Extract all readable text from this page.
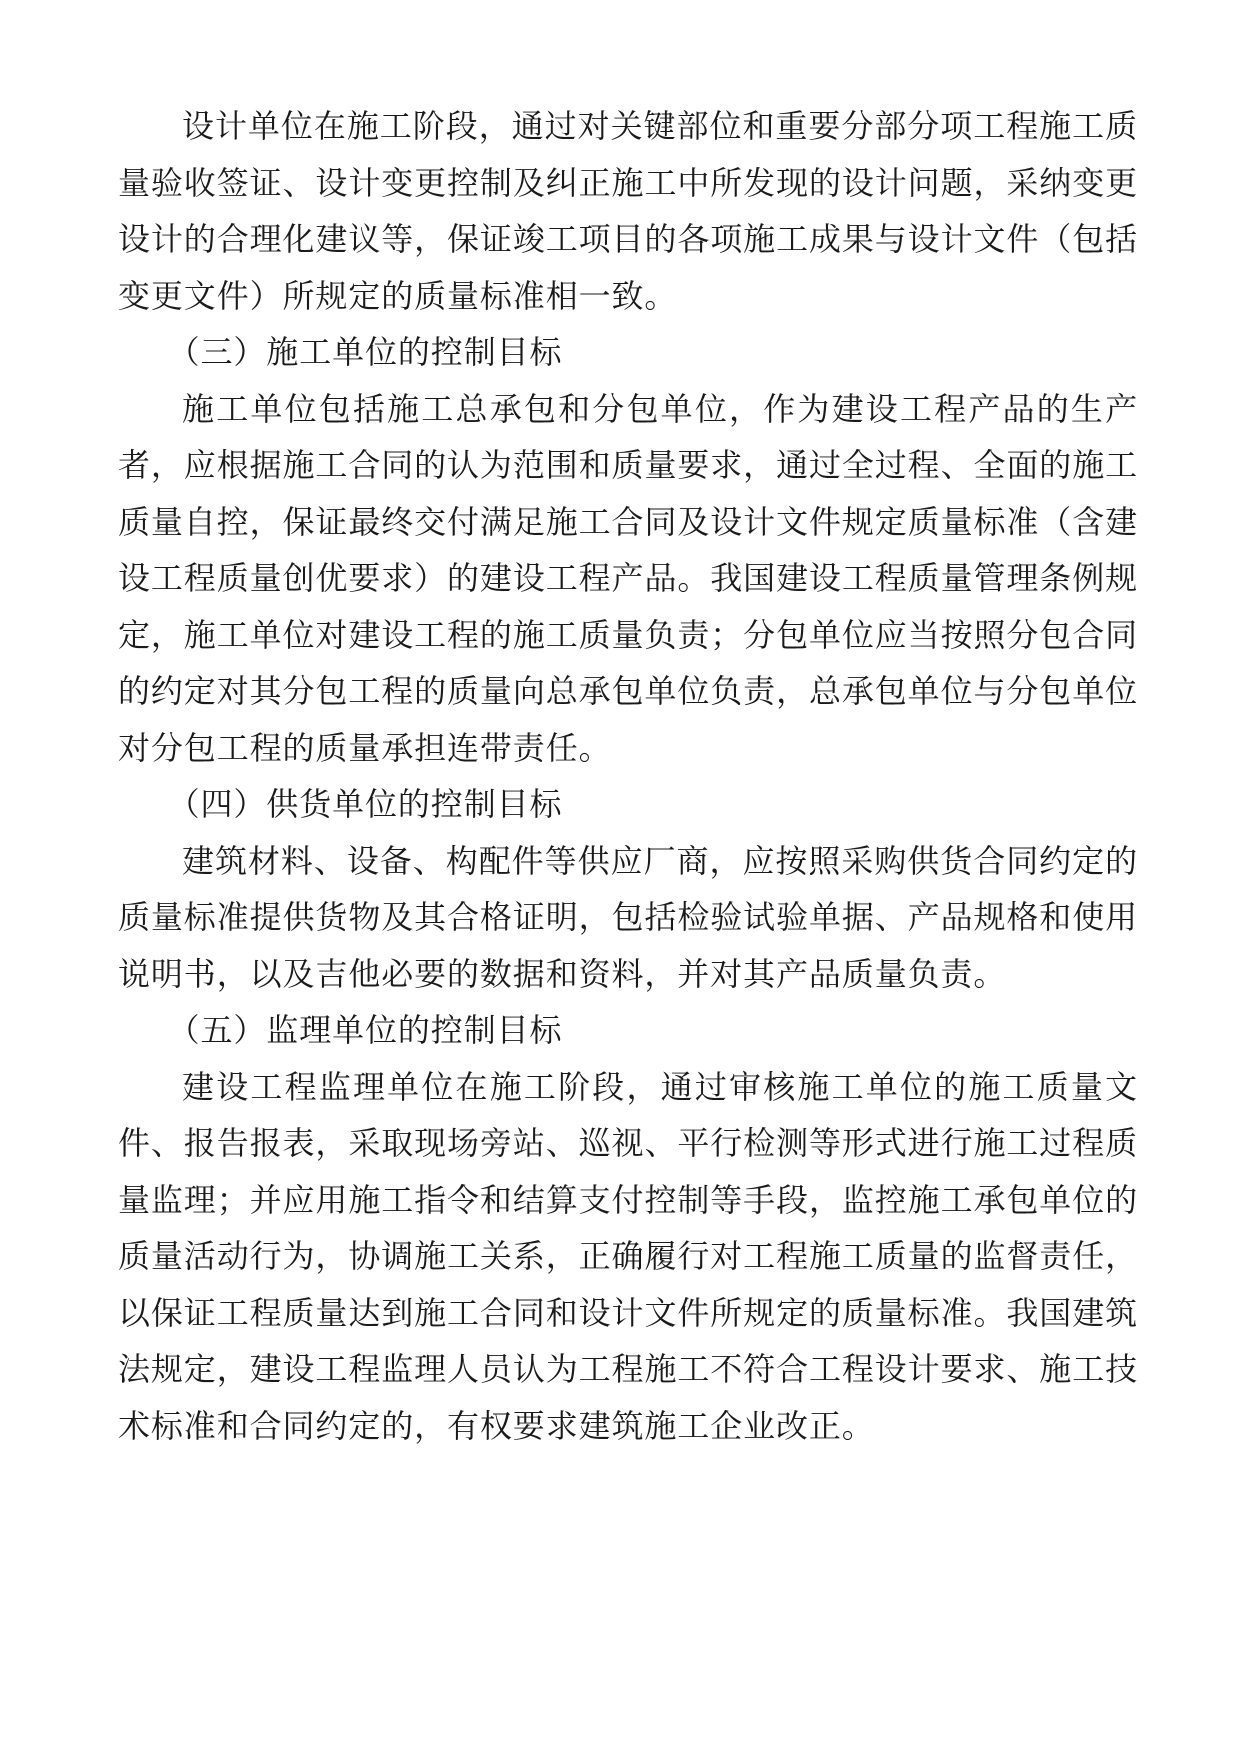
设计单位在施工阶段，通过对关键部位和重要分部分项工程施工质量验收签证、设计变更控制及纠正施工中所发现的设计问题，采纳变更设计的合理化建议等，保证竣工项目的各项施工成果与设计文件（包括变更文件）所规定的质量标准相一致。

（三）施工单位的控制目标

施工单位包括施工总承包和分包单位，作为建设工程产品的生产者，应根据施工合同的认为范围和质量要求，通过全过程、全面的施工质量自控，保证最终交付满足施工合同及设计文件规定质量标准（含建设工程质量创优要求）的建设工程产品。我国建设工程质量管理条例规定，施工单位对建设工程的施工质量负责；分包单位应当按照分包合同的约定对其分包工程的质量向总承包单位负责，总承包单位与分包单位对分包工程的质量承担连带责任。

（四）供货单位的控制目标

建筑材料、设备、构配件等供应厂商，应按照采购供货合同约定的质量标准提供货物及其合格证明，包括检验试验单据、产品规格和使用说明书，以及吉他必要的数据和资料，并对其产品质量负责。

（五）监理单位的控制目标

建设工程监理单位在施工阶段，通过审核施工单位的施工质量文件、报告报表，采取现场旁站、巡视、平行检测等形式进行施工过程质量监理；并应用施工指令和结算支付控制等手段，监控施工承包单位的质量活动行为，协调施工关系，正确履行对工程施工质量的监督责任，以保证工程质量达到施工合同和设计文件所规定的质量标准。我国建筑法规定，建设工程监理人员认为工程施工不符合工程设计要求、施工技术标准和合同约定的，有权要求建筑施工企业改正。
